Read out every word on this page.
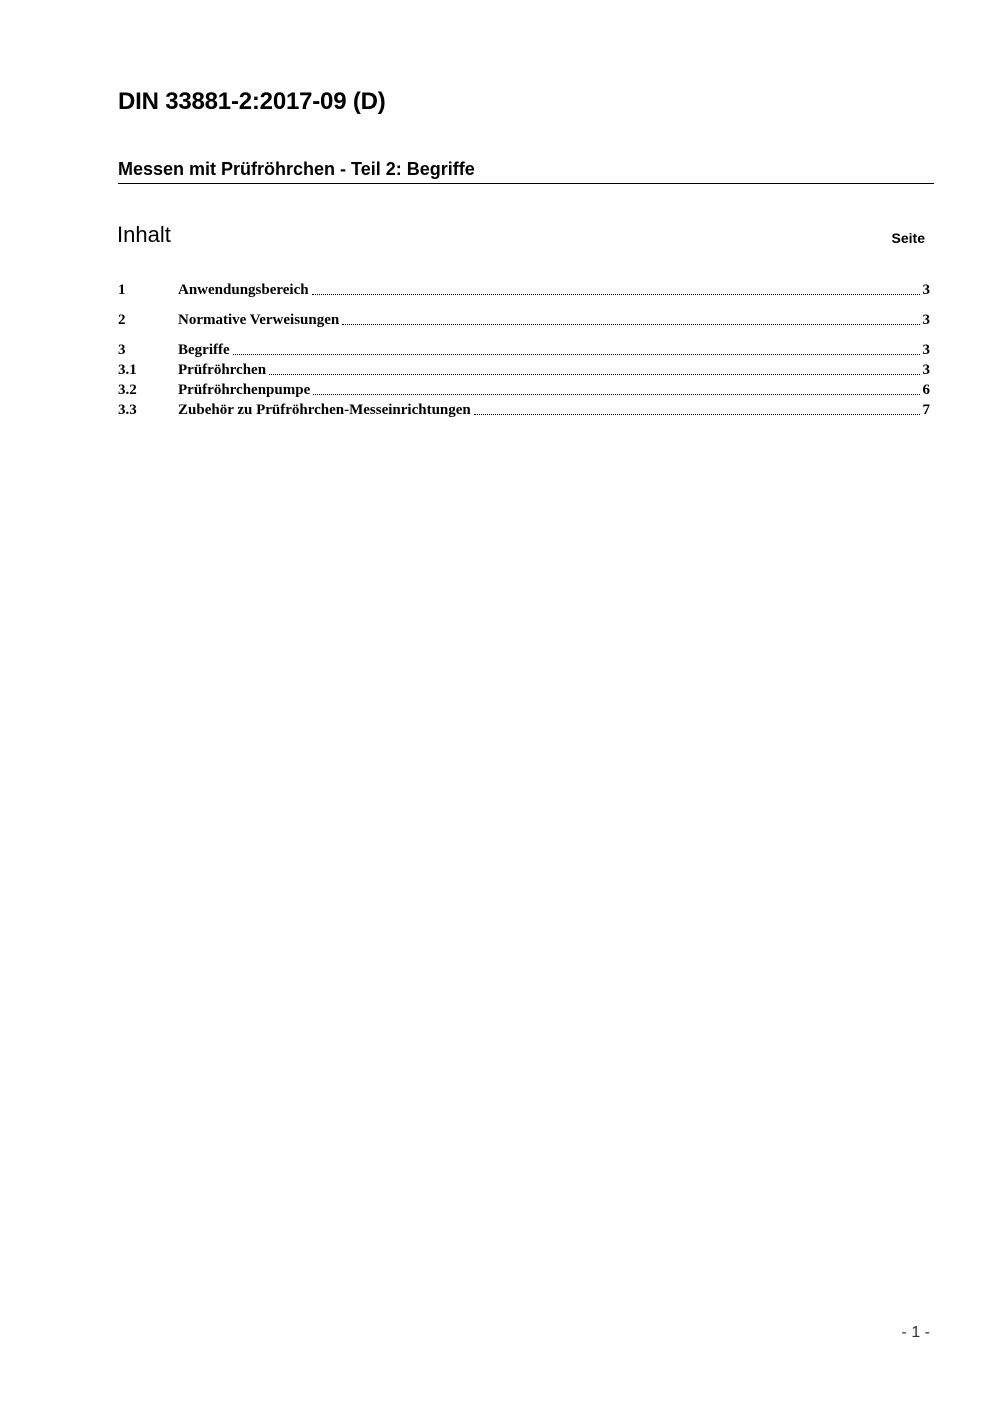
DIN 33881-2:2017-09 (D)
Messen mit Prüfröhrchen - Teil 2: Begriffe
Inhalt	Seite
1	Anwendungsbereich	3
2	Normative Verweisungen	3
3	Begriffe	3
3.1	Prüfröhrchen	3
3.2	Prüfröhrchenpumpe	6
3.3	Zubehör zu Prüfröhrchen-Messeinrichtungen	7
- 1 -
